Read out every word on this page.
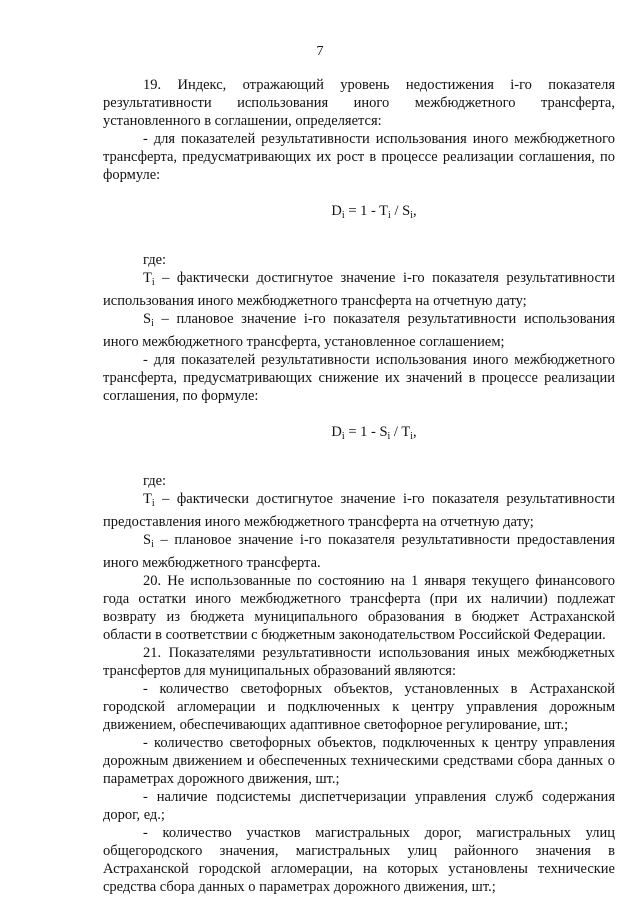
7

19. Индекс, отражающий уровень недостижения i-го показателя результативности использования иного межбюджетного трансферта, установленного в соглашении, определяется:

- для показателей результативности использования иного межбюджетного трансферта, предусматривающих их рост в процессе реализации соглашения, по формуле:

$D_i = 1 - T_i / S_i$,

где:

$T_i$ – фактически достигнутое значение i-го показателя результативности использования иного межбюджетного трансферта на отчетную дату;

$S_i$ – плановое значение i-го показателя результативности использования иного межбюджетного трансферта, установленное соглашением;

- для показателей результативности использования иного межбюджетного трансферта, предусматривающих снижение их значений в процессе реализации соглашения, по формуле:

$D_i = 1 - S_i / T_i$,

где:

$T_i$ – фактически достигнутое значение i-го показателя результативности предоставления иного межбюджетного трансферта на отчетную дату;

$S_i$ – плановое значение i-го показателя результативности предоставления иного межбюджетного трансферта.

20. Не использованные по состоянию на 1 января текущего финансового года остатки иного межбюджетного трансферта (при их наличии) подлежат возврату из бюджета муниципального образования в бюджет Астраханской области в соответствии с бюджетным законодательством Российской Федерации.

21. Показателями результативности использования иных межбюджетных трансфертов для муниципальных образований являются:

- количество светофорных объектов, установленных в Астраханской городской агломерации и подключенных к центру управления дорожным движением, обеспечивающих адаптивное светофорное регулирование, шт.;

- количество светофорных объектов, подключенных к центру управления дорожным движением и обеспеченных техническими средствами сбора данных о параметрах дорожного движения, шт.;

- наличие подсистемы диспетчеризации управления служб содержания дорог, ед.;

- количество участков магистральных дорог, магистральных улиц общегородского значения, магистральных улиц районного значения в Астраханской городской агломерации, на которых установлены технические средства сбора данных о параметрах дорожного движения, шт.;
